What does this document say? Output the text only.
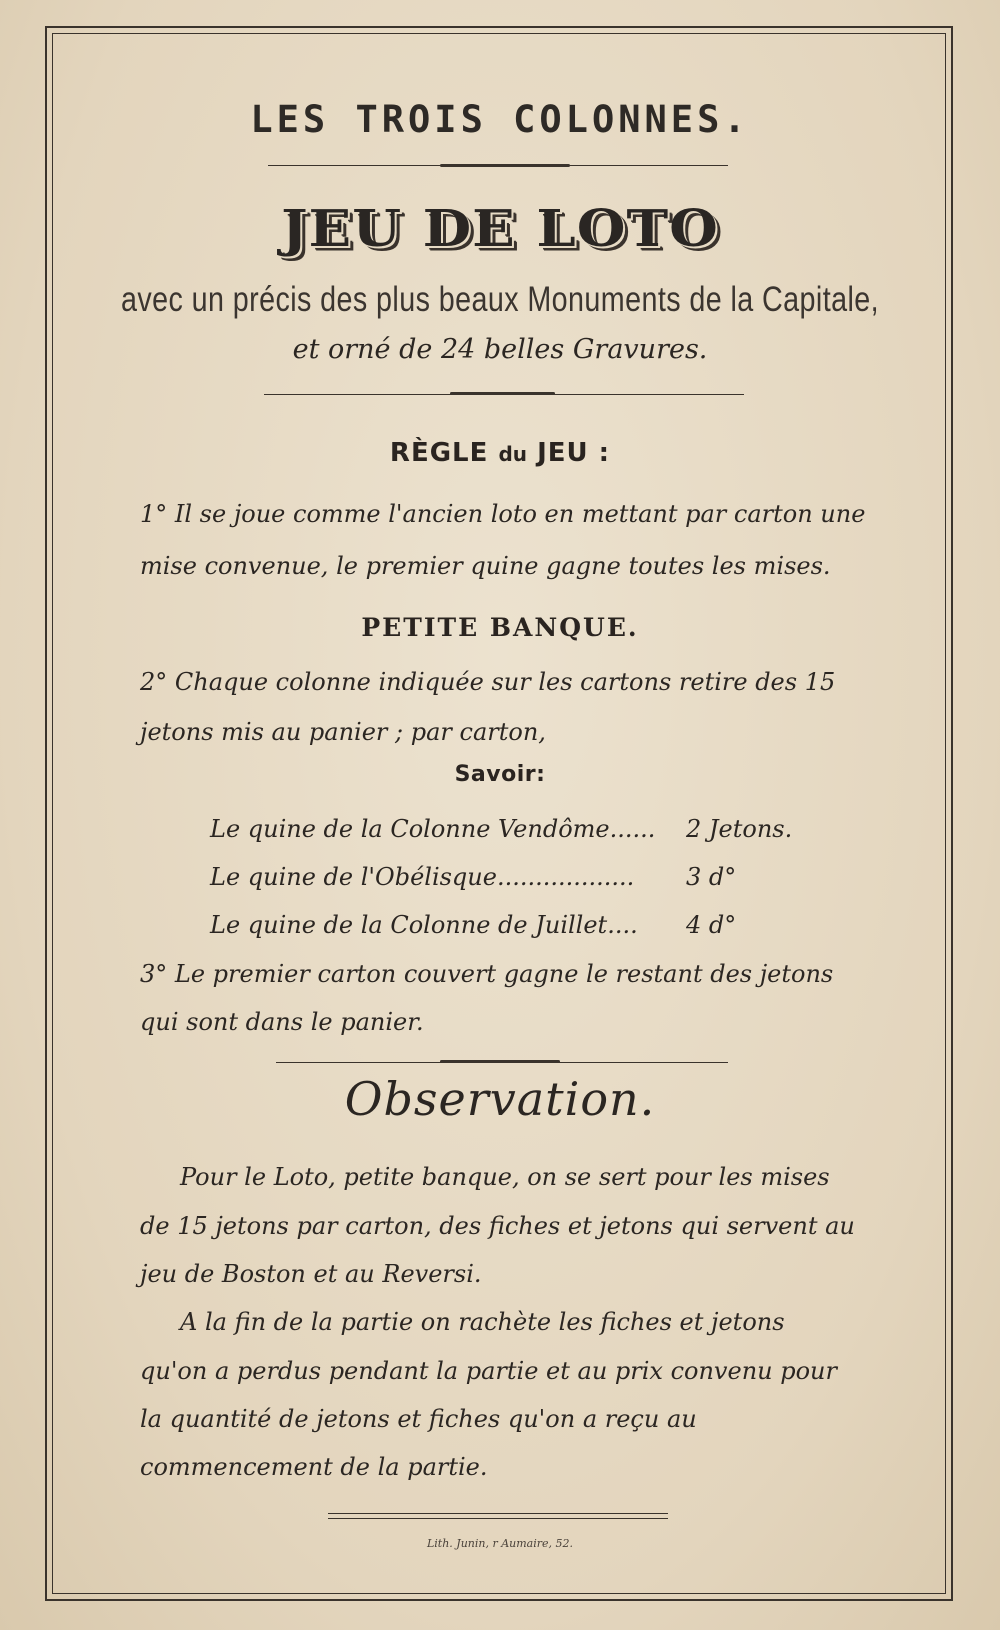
LES TROIS COLONNES.
JEU DE LOTO
avec un précis des plus beaux Monuments de la Capitale,
et orné de 24 belles Gravures.
RÈGLE du JEU :
1° Il se joue comme l'ancien loto en mettant par carton une
mise convenue, le premier quine gagne toutes les mises.
PETITE BANQUE.
2° Chaque colonne indiquée sur les cartons retire des 15
jetons mis au panier ; par carton,
Savoir:
Le quine de la Colonne Vendôme...... 2 Jetons.
Le quine de l'Obélisque.................. 3 d°
Le quine de la Colonne de Juillet.... 4 d°
3° Le premier carton couvert gagne le restant des jetons
qui sont dans le panier.
Observation.
Pour le Loto, petite banque, on se sert pour les mises
de 15 jetons par carton, des fiches et jetons qui servent au
jeu de Boston et au Reversi.
A la fin de la partie on rachète les fiches et jetons
qu'on a perdus pendant la partie et au prix convenu pour
la quantité de jetons et fiches qu'on a reçu au
commencement de la partie.
Lith. Junin, r Aumaire, 52.
